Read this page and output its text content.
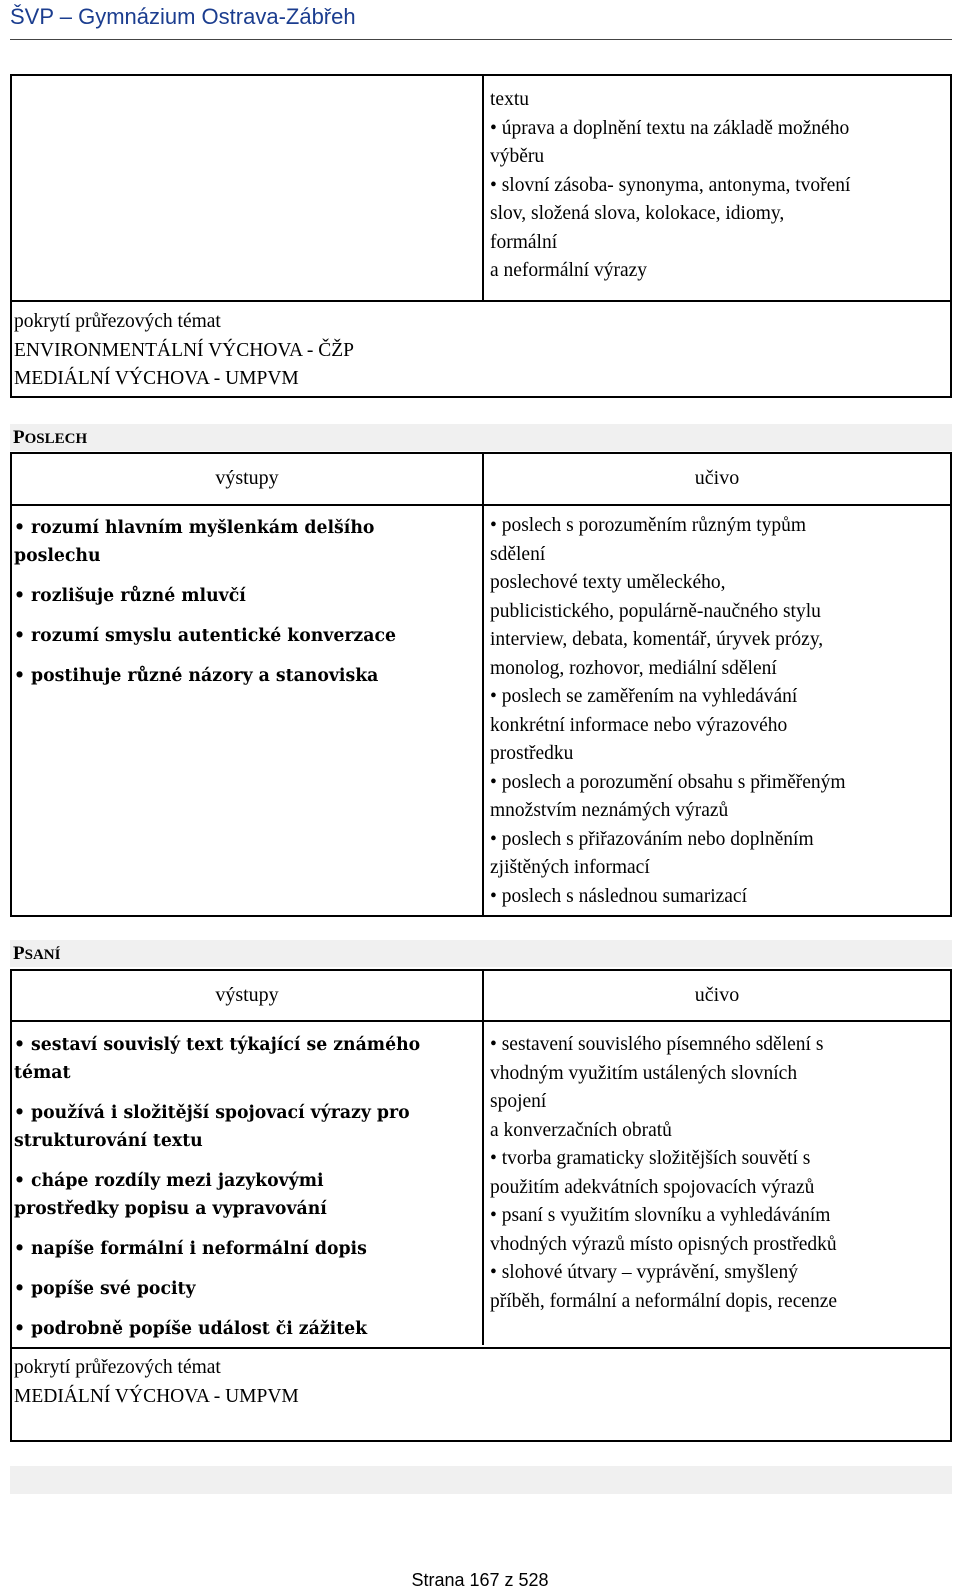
ŠVP – Gymnázium Ostrava-Zábřeh

textu

• úprava a doplnění textu na základě možného

výběru

• slovní zásoba- synonyma, antonyma, tvoření

slov, složená slova, kolokace, idiomy,

formální

a neformální výrazy

pokrytí průřezových témat

ENVIRONMENTÁLNÍ VÝCHOVA - ČŽP

MEDIÁLNÍ VÝCHOVA - UMPVM

POSLECH
výstupy	učivo

• rozumí hlavním myšlenkám delšího

poslechu

• rozlišuje různé mluvčí

• rozumí smyslu autentické konverzace

• postihuje různé názory a stanoviska

• poslech s porozuměním různým typům

sdělení

poslechové texty uměleckého,

publicistického, populárně-naučného stylu

interview, debata, komentář, úryvek prózy,

monolog, rozhovor, mediální sdělení

• poslech se zaměřením na vyhledávání

konkrétní informace nebo výrazového

prostředku

• poslech a porozumění obsahu s přiměřeným

množstvím neznámých výrazů

• poslech s přiřazováním nebo doplněním

zjištěných informací

• poslech s následnou sumarizací

PSANÍ
výstupy	učivo

• sestaví souvislý text týkající se známého

témat

• používá i složitější spojovací výrazy pro

strukturování textu

• chápe rozdíly mezi jazykovými

prostředky popisu a vypravování

• napíše formální i neformální dopis

• popíše své pocity

• podrobně popíše událost či zážitek

• sestavení souvislého písemného sdělení s

vhodným využitím ustálených slovních

spojení

a konverzačních obratů

• tvorba gramaticky složitějších souvětí s

použitím adekvátních spojovacích výrazů

• psaní s využitím slovníku a vyhledáváním

vhodných výrazů místo opisných prostředků

• slohové útvary – vyprávění, smyšlený

příběh, formální a neformální dopis, recenze

pokrytí průřezových témat

MEDIÁLNÍ VÝCHOVA - UMPVM

Strana 167 z 528
